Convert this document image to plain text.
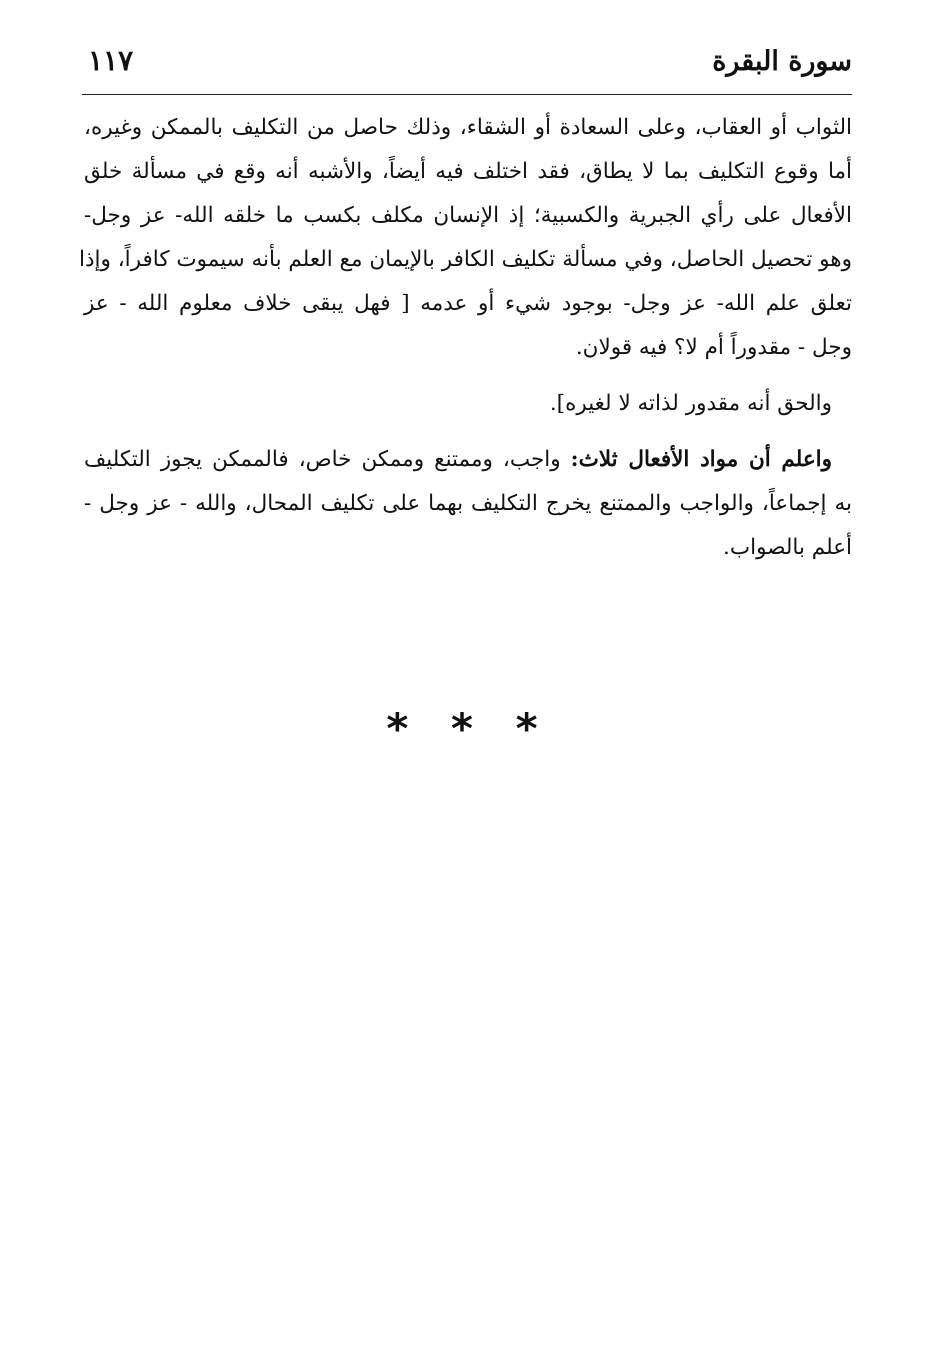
سورة البقرة
١١٧
الثواب أو العقاب، وعلى السعادة أو الشقاء، وذلك حاصل من التكليف بالممكن وغيره،
أما وقوع التكليف بما لا يطاق، فقد اختلف فيه أيضاً، والأشبه أنه وقع في مسألة خلق
الأفعال على رأي الجبرية والكسبية؛ إذ الإنسان مكلف بكسب ما خلقه الله- عز وجل-
وهو تحصيل الحاصل، وفي مسألة تكليف الكافر بالإيمان مع العلم بأنه سيموت كافراً، وإذا
تعلق علم الله- عز وجل- بوجود شيء أو عدمه [ فهل يبقى خلاف معلوم الله - عز
وجل - مقدوراً أم لا؟ فيه قولان.
والحق أنه مقدور لذاته لا لغيره].
واعلم أن مواد الأفعال ثلاث: واجب، وممتنع وممكن خاص، فالممكن يجوز التكليف
به إجماعاً، والواجب والممتنع يخرج التكليف بهما على تكليف المحال، والله - عز وجل -
أعلم بالصواب.
* * *
